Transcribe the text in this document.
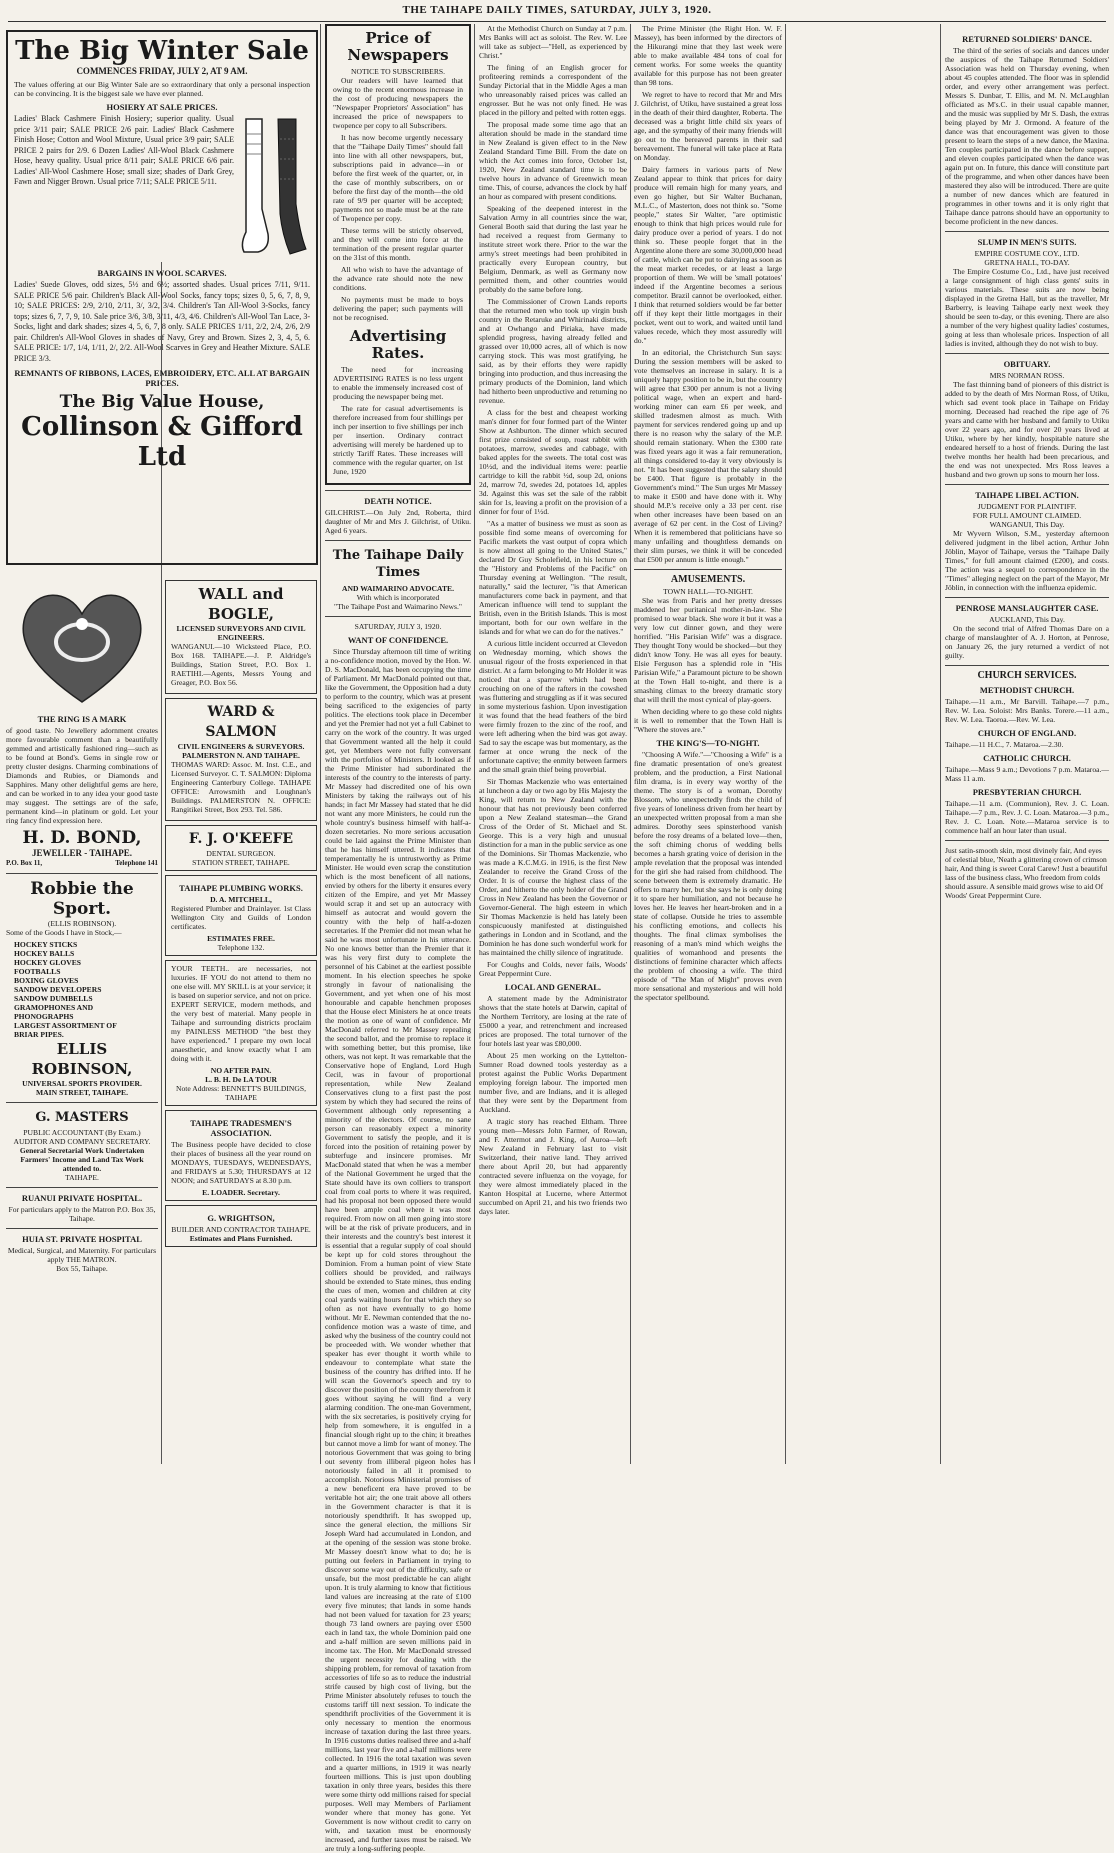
THE TAIHAPE DAILY TIMES, SATURDAY, JULY 3, 1920.
The Big Winter Sale
COMMENCES FRIDAY, JULY 2, AT 9 AM.

The values offering at our Big Winter Sale are so extraordinary that only a personal inspection can be convincing. It is the biggest sale we have ever planned.

HOSIERY AT SALE PRICES.
Ladies' Black Cashmere Finish Hosiery; superior quality. Usual price 3/11 pair; SALE PRICE 2/6 pair. Ladies' Black Cashmere Finish Hose; Cotton and Wool Mixture, Usual price 3/9 pair; SALE PRICE 2 pairs for 2/9. 6 Dozen Ladies' All-Wool Black Cashmere Hose, heavy quality. Usual price 8/11 pair; SALE PRICE 6/6 pair. Ladies' All-Wool Cashmere Hose; small size; shades of Dark Grey, Fawn and Nigger Brown. Usual price 7/11; SALE PRICE 5/11.
BARGAINS IN WOOL SCARVES.
Ladies' Suede Gloves, odd sizes, 5½ and 6½; assorted shades. Usual prices 7/11, 9/11. SALE PRICE 5/6 pair. Children's Black All-Wool Socks, fancy tops; sizes 0, 5, 6, 7, 8, 9, 10; SALE PRICES: 2/9, 2/10, 2/11, 3/, 3/2, 3/4. Children's Tan All-Wool 3-Socks, fancy tops; sizes 6, 7, 7, 9, 10. Sale price 3/6, 3/8, 3/11, 4/3, 4/6. Children's All-Wool Tan Lace, 3-Socks, light and dark shades; sizes 4, 5, 6, 7, 8 only. SALE PRICES 1/11, 2/2, 2/4, 2/6, 2/9 pair. Children's All-Wool Gloves in shades of Navy, Grey and Brown. Sizes 2, 3, 4, 5, 6. SALE PRICE: 1/7, 1/4, 1/11, 2/, 2/2. All-Wool Scarves in Grey and Heather Mixture. SALE PRICE 3/3.
REMNANTS OF RIBBONS, LACES, EMBROIDERY, ETC. ALL AT BARGAIN PRICES.
The Big Value House,
Collinson & Gifford Ltd
THE RING IS A MARK

of good taste. No Jewellery adornment creates more favourable comment than a beautifully gemmed and artistically fashioned ring—such as to be found at Bond's. Gems in single row or pretty cluster designs. Charming combinations of Diamonds and Rubies, or Diamonds and Sapphires. Many other delightful gems are here, and can be worked in to any idea your good taste may suggest. The settings are of the safe, permanent kind—in platinum or gold. Let your ring fancy find expression here.

H. D. BOND,
JEWELLER - TAIHAPE.
P.O. Box 11,	Telephone 141
Robbie the Sport.
(ELLIS ROBINSON).

Some of the Goods I have in Stock,—

HOCKEY STICKS
HOCKEY BALLS
HOCKEY GLOVES
FOOTBALLS
BOXING GLOVES
SANDOW DEVELOPERS
SANDOW DUMBELLS
GRAMOPHONES AND
PHONOGRAPHS
LARGEST ASSORTMENT OF
BRIAR PIPES.
ELLIS ROBINSON,
UNIVERSAL SPORTS PROVIDER.
MAIN STREET, TAIHAPE.
G. MASTERS
PUBLIC ACCOUNTANT (By Exam.) AUDITOR AND COMPANY SECRETARY.
General Secretarial Work Undertaken Farmers' Income and Land Tax Work attended to.
TAIHAPE.
RUANUI PRIVATE HOSPITAL.
For particulars apply to the Matron P.O. Box 35, Taihape.
HUIA ST. PRIVATE HOSPITAL
Medical, Surgical, and Maternity. For particulars apply THE MATRON.
Box 55, Taihape.
WALL and BOGLE,
LICENSED SURVEYORS AND CIVIL ENGINEERS.

WANGANUI.—10 Wicksteed Place, P.O. Box 168. TAIHAPE.—J. P. Aldridge's Buildings, Station Street, P.O. Box 1. RAETIHI.—Agents, Messrs Young and Greager, P.O. Box 56.

WARD & SALMON
CIVIL ENGINEERS & SURVEYORS. PALMERSTON N. AND TAIHAPE.

THOMAS WARD: Assoc. M. Inst. C.E., and Licensed Surveyor. C. T. SALMON: Diploma Engineering Canterbury College. TAIHAPE OFFICE: Arrowsmith and Loughnan's Buildings. PALMERSTON N. OFFICE: Rangitikei Street, Box 293. Tel. 586.

F. J. O'KEEFE
DENTAL SURGEON.
STATION STREET, TAIHAPE.
TAIHAPE PLUMBING WORKS.
D. A. MITCHELL,

Registered Plumber and Drainlayer. 1st Class Wellington City and Guilds of London certificates.

ESTIMATES FREE.
Telephone 132.

YOUR TEETH.. are necessaries, not luxuries. IF YOU do not attend to them no one else will. MY SKILL is at your service; it is based on superior service, and not on price. EXPERT SERVICE, modern methods, and the very best of material. Many people in Taihape and surrounding districts proclaim my PAINLESS METHOD "the best they have experienced." I prepare my own local anaesthetic, and know exactly what I am doing with it.

NO AFTER PAIN.
L. B. H. De LA TOUR
Note Address: BENNETT'S BUILDINGS, TAIHAPE
TAIHAPE TRADESMEN'S ASSOCIATION.

The Business people have decided to close their places of business all the year round on MONDAYS, TUESDAYS, WEDNESDAYS, and FRIDAYS at 5.30; THURSDAYS at 12 NOON; and SATURDAYS at 8.30 p.m.

E. LOADER. Secretary.
G. WRIGHTSON,
BUILDER AND CONTRACTOR TAIHAPE.
Estimates and Plans Furnished.
Price of Newspapers
NOTICE TO SUBSCRIBERS.

Our readers will have learned that owing to the recent enormous increase in the cost of producing newspapers the "Newspaper Proprietors' Association" has increased the price of newspapers to twopence per copy to all Subscribers.

It has now become urgently necessary that the "Taihape Daily Times" should fall into line with all other newspapers, but, subscriptions paid in advance—in or before the first week of the quarter, or, in the case of monthly subscribers, on or before the first day of the month—the old rate of 9/9 per quarter will be accepted; payments not so made must be at the rate of Twopence per copy.

These terms will be strictly observed, and they will come into force at the termination of the present regular quarter on the 31st of this month.

All who wish to have the advantage of the advance rate should note the new conditions.

No payments must be made to boys delivering the paper; such payments will not be recognised.

Advertising Rates.

The need for increasing ADVERTISING RATES is no less urgent to enable the immensely increased cost of producing the newspaper being met.

The rate for casual advertisements is therefore increased from four shillings per inch per insertion to five shillings per inch per insertion. Ordinary contract advertising will merely be hardened up to strictly Tariff Rates. These increases will commence with the regular quarter, on 1st June, 1920

DEATH NOTICE.

GILCHRIST.—On July 2nd, Roberta, third daughter of Mr and Mrs J. Gilchrist, of Utiku. Aged 6 years.

The Taihape Daily Times
AND WAIMARINO ADVOCATE.
With which is incorporated
"The Taihape Post and Waimarino News."
SATURDAY, JULY 3, 1920.
WANT OF CONFIDENCE.

Since Thursday afternoon till time of writing a no-confidence motion, moved by the Hon. W. D. S. MacDonald, has been occupying the time of Parliament. Mr MacDonald pointed out that, like the Government, the Opposition had a duty to perform to the country, which was at present being sacrificed to the exigencies of party politics. The elections took place in December and yet the Premier had not yet a full Cabinet to carry on the work of the country. It was urged that Government wanted all the help it could get, yet Members were not fully conversant with the portfolios of Ministers. It looked as if the Prime Minister had subordinated the interests of the country to the interests of party. Mr Massey had discredited one of his own Ministers by taking the railways out of his hands; in fact Mr Massey had stated that he did not want any more Ministers, he could run the whole country's business himself with half-a-dozen secretaries. No more serious accusation could be laid against the Prime Minister than that he has himself uttered. It indicates that temperamentally he is untrustworthy as Prime Minister. He would even scrap the constitution which is the most beneficent of all nations, envied by others for the liberty it ensures every citizen of the Empire, and yet Mr Massey would scrap it and set up an autocracy with himself as autocrat and would govern the country with the help of half-a-dozen secretaries. If the Premier did not mean what he said he was most unfortunate in his utterance. No one knows better than the Premier that it was his very first duty to complete the personnel of his Cabinet at the earliest possible moment. In his election speeches he spoke strongly in favour of nationalising the Government, and yet when one of his most honourable and capable henchmen proposes that the House elect Ministers he at once treats the motion as one of want of confidence. Mr MacDonald referred to Mr Massey repealing the second ballot, and the promise to replace it with something better, but this promise, like others, was not kept. It was remarkable that the Conservative hope of England, Lord Hugh Cecil, was in favour of proportional representation, while New Zealand Conservatives clung to a first past the post system by which they had secured the reins of Government although only representing a minority of the electors. Of course, no sane person can reasonably expect a minority Government to satisfy the people, and it is forced into the position of retaining power by subterfuge and insincere promises. Mr MacDonald stated that when he was a member of the National Government he urged that the State should have its own colliers to transport coal from coal ports to where it was required, had his proposal not been opposed there would have been ample coal where it was most required. From now on all men going into store will be at the risk of private producers, and in their interests and the country's best interest it is essential that a regular supply of coal should be kept up for cold stores throughout the Dominion. From a human point of view State colliers should be provided, and railways should be extended to State mines, thus ending the cues of men, women and children at city coal yards waiting hours for that which they so often as not have eventually to go home without. Mr E. Newman contended that the no-confidence motion was a waste of time, and asked why the business of the country could not be proceeded with. We wonder whether that speaker has ever thought it worth while to endeavour to contemplate what state the business of the country has drifted into. If he will scan the Governor's speech and try to discover the position of the country therefrom it goes without saying he will find a very alarming condition. The one-man Government, with the six secretaries, is positively crying for help from somewhere, it is engulfed in a financial slough right up to the chin; it breathes but cannot move a limb for want of money. The notorious Government that was going to bring out seventy from illiberal pigeon holes has notoriously failed in all it promised to accomplish. Notorious Ministerial promises of a new beneficent era have proved to be veritable hot air; the one trait above all others in the Government character is that it is notoriously spendthrift. It has swopped up, since the general election, the millions Sir Joseph Ward had accumulated in London, and at the opening of the session was stone broke. Mr Massey doesn't know what to do; he is putting out feelers in Parliament in trying to discover some way out of the difficulty, safe or unsafe, but the most predictable he can alight upon. It is truly alarming to know that fictitious land values are increasing at the rate of £100 every five minutes; that lands in some hands had not been valued for taxation for 23 years; though 73 land owners are paying over £500 each in land tax, the whole Dominion paid one and a-half million are seven millions paid in income tax. The Hon. Mr MacDonald stressed the urgent necessity for dealing with the shipping problem, for removal of taxation from accessories of life so as to reduce the industrial strife caused by high cost of living, but the Prime Minister absolutely refuses to touch the customs tariff till next session. To indicate the spendthrift proclivities of the Government it is only necessary to mention the enormous increase of taxation during the last three years. In 1916 customs duties realised three and a-half millions, last year five and a-half millions were collected. In 1916 the total taxation was seven and a quarter millions, in 1919 it was nearly fourteen millions. This is just upon doubling taxation in only three years, besides this there were some thirty odd millions raised for special purposes. Well may Members of Parliament wonder where that money has gone. Yet Government is now without credit to carry on with, and taxation must be enormously increased, and further taxes must be raised. We are truly a long-suffering people.

At the Methodist Church on Sunday at 7 p.m. Mrs Banks will act as soloist. The Rev. W. Lee will take as subject—"Hell, as experienced by Christ."

The fining of an English grocer for profiteering reminds a correspondent of the Sunday Pictorial that in the Middle Ages a man who unreasonably raised prices was called an engrosser. But he was not only fined. He was placed in the pillory and pelted with rotten eggs.

The proposal made some time ago that an alteration should be made in the standard time in New Zealand is given effect to in the New Zealand Standard Time Bill. From the date on which the Act comes into force, October 1st, 1920, New Zealand standard time is to be twelve hours in advance of Greenwich mean time. This, of course, advances the clock by half an hour as compared with present conditions.

Speaking of the deepened interest in the Salvation Army in all countries since the war, General Booth said that during the last year he had received a request from Germany to institute street work there. Prior to the war the army's street meetings had been prohibited in practically every European country, but Belgium, Denmark, as well as Germany now permitted them, and other countries would probably do the same before long.

The Commissioner of Crown Lands reports that the returned men who took up virgin bush country in the Retaruke and Whirinaki districts, and at Owhango and Piriaka, have made splendid progress, having already felled and grassed over 10,000 acres, all of which is now carrying stock. This was most gratifying, he said, as by their efforts they were rapidly bringing into production, and thus increasing the primary products of the Dominion, land which had hitherto been unproductive and returning no revenue.

A class for the best and cheapest working man's dinner for four formed part of the Winter Show at Ashburton. The dinner which secured first prize consisted of soup, roast rabbit with potatoes, marrow, swedes and cabbage, with baked apples for the sweets. The total cost was 10½d, and the individual items were: pearlie cartridge to kill the rabbit ½d, soup 2d, onions 2d, marrow 7d, swedes 2d, potatoes 1d, apples 3d. Against this was set the sale of the rabbit skin for 1s, leaving a profit on the provision of a dinner for four of 1½d.

"As a matter of business we must as soon as possible find some means of overcoming for Pacific markets the vast output of copra which is now almost all going to the United States," declared Dr Guy Scholefield, in his lecture on the "History and Problems of the Pacific" on Thursday evening at Wellington. "The result, naturally," said the lecturer, "is that American manufacturers come back in payment, and that American influence will tend to supplant the British, even in the British Islands. This is most important, both for our own welfare in the islands and for what we can do for the natives."

A curious little incident occurred at Clevedon on Wednesday morning, which shows the unusual rigour of the frosts experienced in that district. At a farm belonging to Mr Holder it was noticed that a sparrow which had been crouching on one of the rafters in the cowshed was fluttering and struggling as if it was secured in some mysterious fashion. Upon investigation it was found that the head feathers of the bird were firmly frozen to the zinc of the roof, and were left adhering when the bird was got away. Sad to say the escape was but momentary, as the farmer at once wrung the neck of the unfortunate captive; the enmity between farmers and the small grain thief being proverbial.

Sir Thomas Mackenzie who was entertained at luncheon a day or two ago by His Majesty the King, will return to New Zealand with the honour that has not previously been conferred upon a New Zealand statesman—the Grand Cross of the Order of St. Michael and St. George. This is a very high and unusual distinction for a man in the public service as one of the Dominions. Sir Thomas Mackenzie, who was made a K.C.M.G. in 1916, is the first New Zealander to receive the Grand Cross of the Order. It is of course the highest class of the Order, and hitherto the only holder of the Grand Cross in New Zealand has been the Governor or Governor-General. The high esteem in which Sir Thomas Mackenzie is held has lately been conspicuously manifested at distinguished gatherings in London and in Scotland, and the Dominion he has done such wonderful work for has maintained the chilly silence of ingratitude.

For Coughs and Colds, never fails, Woods' Great Peppermint Cure.

LOCAL AND GENERAL.

A statement made by the Administrator shows that the state hotels at Darwin, capital of the Northern Territory, are losing at the rate of £5000 a year, and retrenchment and increased prices are proposed. The total turnover of the four hotels last year was £80,000.

About 25 men working on the Lyttelton-Sumner Road downed tools yesterday as a protest against the Public Works Department employing foreign labour. The imported men number five, and are Indians, and it is alleged that they were sent by the Department from Auckland.

A tragic story has reached Eltham. Three young men—Messrs John Farmer, of Rowan, and F. Attermot and J. King, of Auroa—left New Zealand in February last to visit Switzerland, their native land. They arrived there about April 20, but had apparently contracted severe influenza on the voyage, for they were almost immediately placed in the Kanton Hospital at Lucerne, where Attermot succumbed on April 21, and his two friends two days later.

The Prime Minister (the Right Hon. W. F. Massey), has been informed by the directors of the Hikurangi mine that they last week were able to make available 484 tons of coal for cement works. For some weeks the quantity available for this purpose has not been greater than 98 tons.

We regret to have to record that Mr and Mrs J. Gilchrist, of Utiku, have sustained a great loss in the death of their third daughter, Roberta. The deceased was a bright little child six years of age, and the sympathy of their many friends will go out to the bereaved parents in their sad bereavement. The funeral will take place at Rata on Monday.

Dairy farmers in various parts of New Zealand appear to think that prices for dairy produce will remain high for many years, and even go higher, but Sir Walter Buchanan, M.L.C., of Masterton, does not think so. "Some people," states Sir Walter, "are optimistic enough to think that high prices would rule for dairy produce over a period of years. I do not think so. These people forget that in the Argentine alone there are some 30,000,000 head of cattle, which can be put to dairying as soon as the meat market recedes, or at least a large proportion of them. We will be 'small potatoes' indeed if the Argentine becomes a serious competitor. Brazil cannot be overlooked, either. I think that returned soldiers would be far better off if they kept their little mortgages in their pocket, went out to work, and waited until land values recede, which they most assuredly will do."

In an editorial, the Christchurch Sun says: During the session members will be asked to vote themselves an increase in salary. It is a uniquely happy position to be in, but the country will agree that £300 per annum is not a living political wage, when an expert and hard-working miner can earn £6 per week, and skilled tradesmen almost as much. With payment for services rendered going up and up there is no reason why the salary of the M.P. should remain stationary. When the £300 rate was fixed years ago it was a fair remuneration, all things considered to-day it very obviously is not. "It has been suggested that the salary should be £400. That figure is probably in the Government's mind." The Sun urges Mr Massey to make it £500 and have done with it. Why should M.P.'s receive only a 33 per cent. rise when other increases have been based on an average of 62 per cent. in the Cost of Living? When it is remembered that politicians have so many unfailing and thoughtless demands on their slim purses, we think it will be conceded that £500 per annum is little enough."

AMUSEMENTS.
TOWN HALL—TO-NIGHT.

She was from Paris and her pretty dresses maddened her puritanical mother-in-law. She promised to wear black. She wore it but it was a very low cut dinner gown, and they were horrified. "His Parisian Wife" was a disgrace. They thought Tony would be shocked—but they didn't know Tony. He was all eyes for beauty. Elsie Ferguson has a splendid role in "His Parisian Wife," a Paramount picture to be shown at the Town Hall to-night, and there is a smashing climax to the breezy dramatic story that will thrill the most cynical of play-goers.

When deciding where to go these cold nights it is well to remember that the Town Hall is "Where the stoves are."

THE KING'S—TO-NIGHT.

"Choosing A Wife."—"Choosing a Wife" is a fine dramatic presentation of one's greatest problem, and the production, a First National film drama, is in every way worthy of the theme. The story is of a woman, Dorothy Blossom, who unexpectedly finds the child of five years of loneliness driven from her heart by an unexpected written proposal from a man she admires. Dorothy sees spinsterhood vanish before the rosy dreams of a belated love—then, the soft chiming chorus of wedding bells becomes a harsh grating voice of derision in the ample revelation that the proposal was intended for the girl she had raised from childhood. The scene between them is extremely dramatic. He offers to marry her, but she says he is only doing it to spare her humiliation, and not because he loves her. He leaves her heart-broken and in a state of collapse. Outside he tries to assemble his conflicting emotions, and collects his thoughts. The final climax symbolises the reasoning of a man's mind which weighs the qualities of womanhood and presents the distinctions of feminine character which affects the problem of choosing a wife. The third episode of "The Man of Might" proves even more sensational and mysterious and will hold the spectator spellbound.

RETURNED SOLDIERS' DANCE.

The third of the series of socials and dances under the auspices of the Taihape Returned Soldiers' Association was held on Thursday evening, when about 45 couples attended. The floor was in splendid order, and every other arrangement was perfect. Messrs S. Dunbar, T. Ellis, and M. N. McLaughlan officiated as M's.C. in their usual capable manner, and the music was supplied by Mr S. Dash, the extras being played by Mr J. Ormond. A feature of the dance was that encouragement was given to those present to learn the steps of a new dance, the Maxina. Ten couples participated in the dance before supper, and eleven couples participated when the dance was again put on. In future, this dance will constitute part of the programme, and when other dances have been mastered they also will be introduced. There are quite a number of new dances which are featured in programmes in other towns and it is only right that Taihape dance patrons should have an opportunity to become proficient in the new dances.

SLUMP IN MEN'S SUITS.
EMPIRE COSTUME COY., LTD.
GRETNA HALL, TO-DAY.

The Empire Costume Co., Ltd., have just received a large consignment of high class gents' suits in various materials. These suits are now being displayed in the Gretna Hall, but as the traveller, Mr Barberry, is leaving Taihape early next week they should be seen to-day, or this evening. There are also a number of the very highest quality ladies' costumes, going at less than wholesale prices. Inspection of all ladies is invited, although they do not wish to buy.

OBITUARY.
MRS NORMAN ROSS.

The fast thinning band of pioneers of this district is added to by the death of Mrs Norman Ross, of Utiku, which sad event took place in Taihape on Friday morning. Deceased had reached the ripe age of 76 years and came with her husband and family to Utiku over 22 years ago, and for over 20 years lived at Utiku, where by her kindly, hospitable nature she endeared herself to a host of friends. During the last twelve months her health had been precarious, and the end was not unexpected. Mrs Ross leaves a husband and two grown up sons to mourn her loss.

TAIHAPE LIBEL ACTION.
JUDGMENT FOR PLAINTIFF.
FOR FULL AMOUNT CLAIMED.
WANGANUI, This Day.

Mr Wyvern Wilson, S.M., yesterday afternoon delivered judgment in the libel action, Arthur John Jöblin, Mayor of Taihape, versus the "Taihape Daily Times," for full amount claimed (£200), and costs. The action was a sequel to correspondence in the "Times" alleging neglect on the part of the Mayor, Mr Jöblin, in connection with the influenza epidemic.

PENROSE MANSLAUGHTER CASE.
AUCKLAND, This Day.

On the second trial of Alfred Thomas Dare on a charge of manslaughter of A. J. Horton, at Penrose, on January 26, the jury returned a verdict of not guilty.

CHURCH SERVICES.
METHODIST CHURCH.

Taihape.—11 a.m., Mr Barvill. Taihape.—7 p.m., Rev. W. Lea. Soloist: Mrs Banks. Torere.—11 a.m., Rev. W. Lea. Taoroa.—Rev. W. Lea.

CHURCH OF ENGLAND.

Taihape.—11 H.C., 7. Mataroa.—2.30.

CATHOLIC CHURCH.

Taihape.—Mass 9 a.m.; Devotions 7 p.m. Mataroa.—Mass 11 a.m.

PRESBYTERIAN CHURCH.

Taihape.—11 a.m. (Communion), Rev. J. C. Loan. Taihape.—7 p.m., Rev. J. C. Loan. Mataroa.—3 p.m., Rev. J. C. Loan. Note.—Mataroa service is to commence half an hour later than usual.

Just satin-smooth skin, most divinely fair, And eyes of celestial blue, 'Neath a glittering crown of crimson hair, And thing is sweet Coral Carew! Just a beautiful lass of the business class, Who freedom from colds should assure. A sensible maid grows wise to aid Of Woods' Great Peppermint Cure.
